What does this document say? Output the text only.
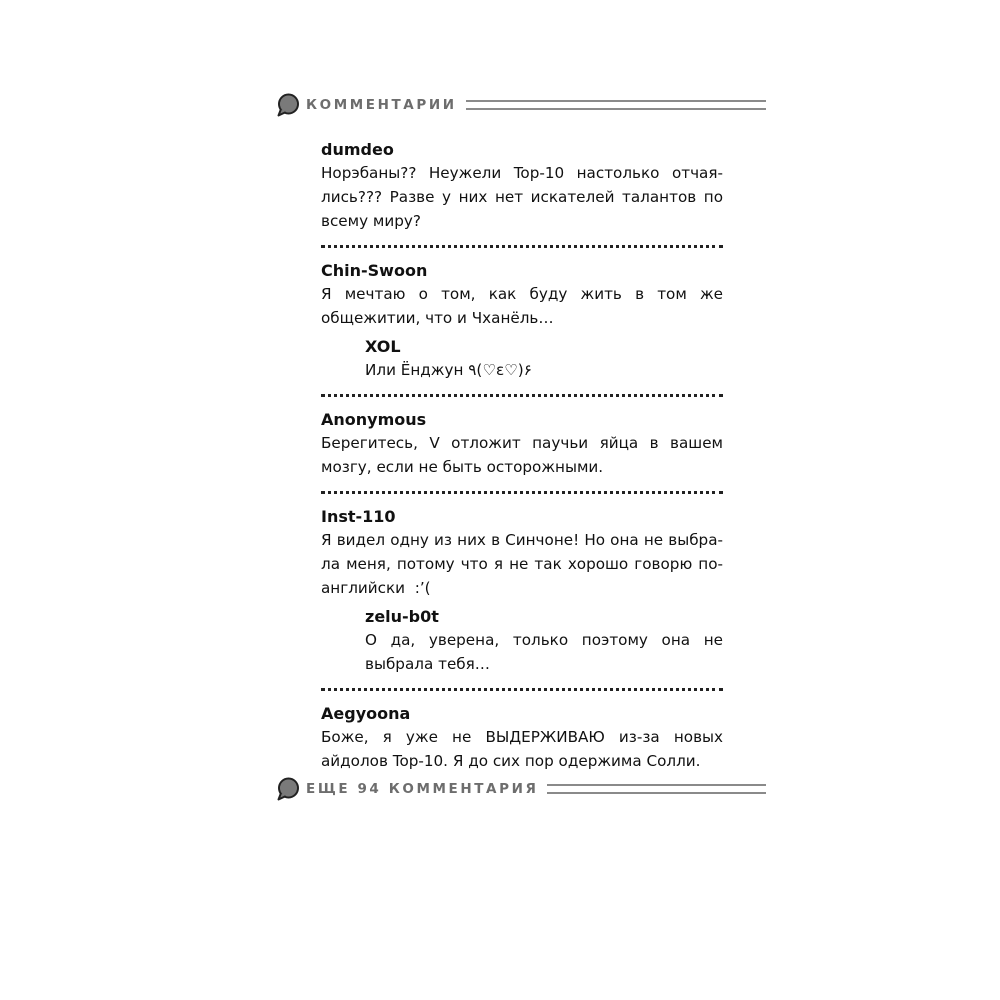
КОММЕНТАРИИ
dumdeo
Норэбаны?? Неужели Top-10 настолько отчаялись??? Разве у них нет искателей талантов по всему миру?
Chin-Swoon
Я мечтаю о том, как буду жить в том же общежитии, что и Чханёль…
XOL
Или Ёнджун ٩(♡ε♡)۶
Anonymous
Берегитесь, V отложит паучьи яйца в вашем мозгу, если не быть осторожными.
Inst-110
Я видел одну из них в Синчоне! Но она не выбрала меня, потому что я не так хорошо говорю по-английски  :’(
zelu-b0t
О да, уверена, только поэтому она не выбрала тебя…
Aegyoona
Боже, я уже не ВЫДЕРЖИВАЮ из-за новых айдолов Top-10. Я до сих пор одержима Солли.
ЕЩЕ 94 КОММЕНТАРИЯ
